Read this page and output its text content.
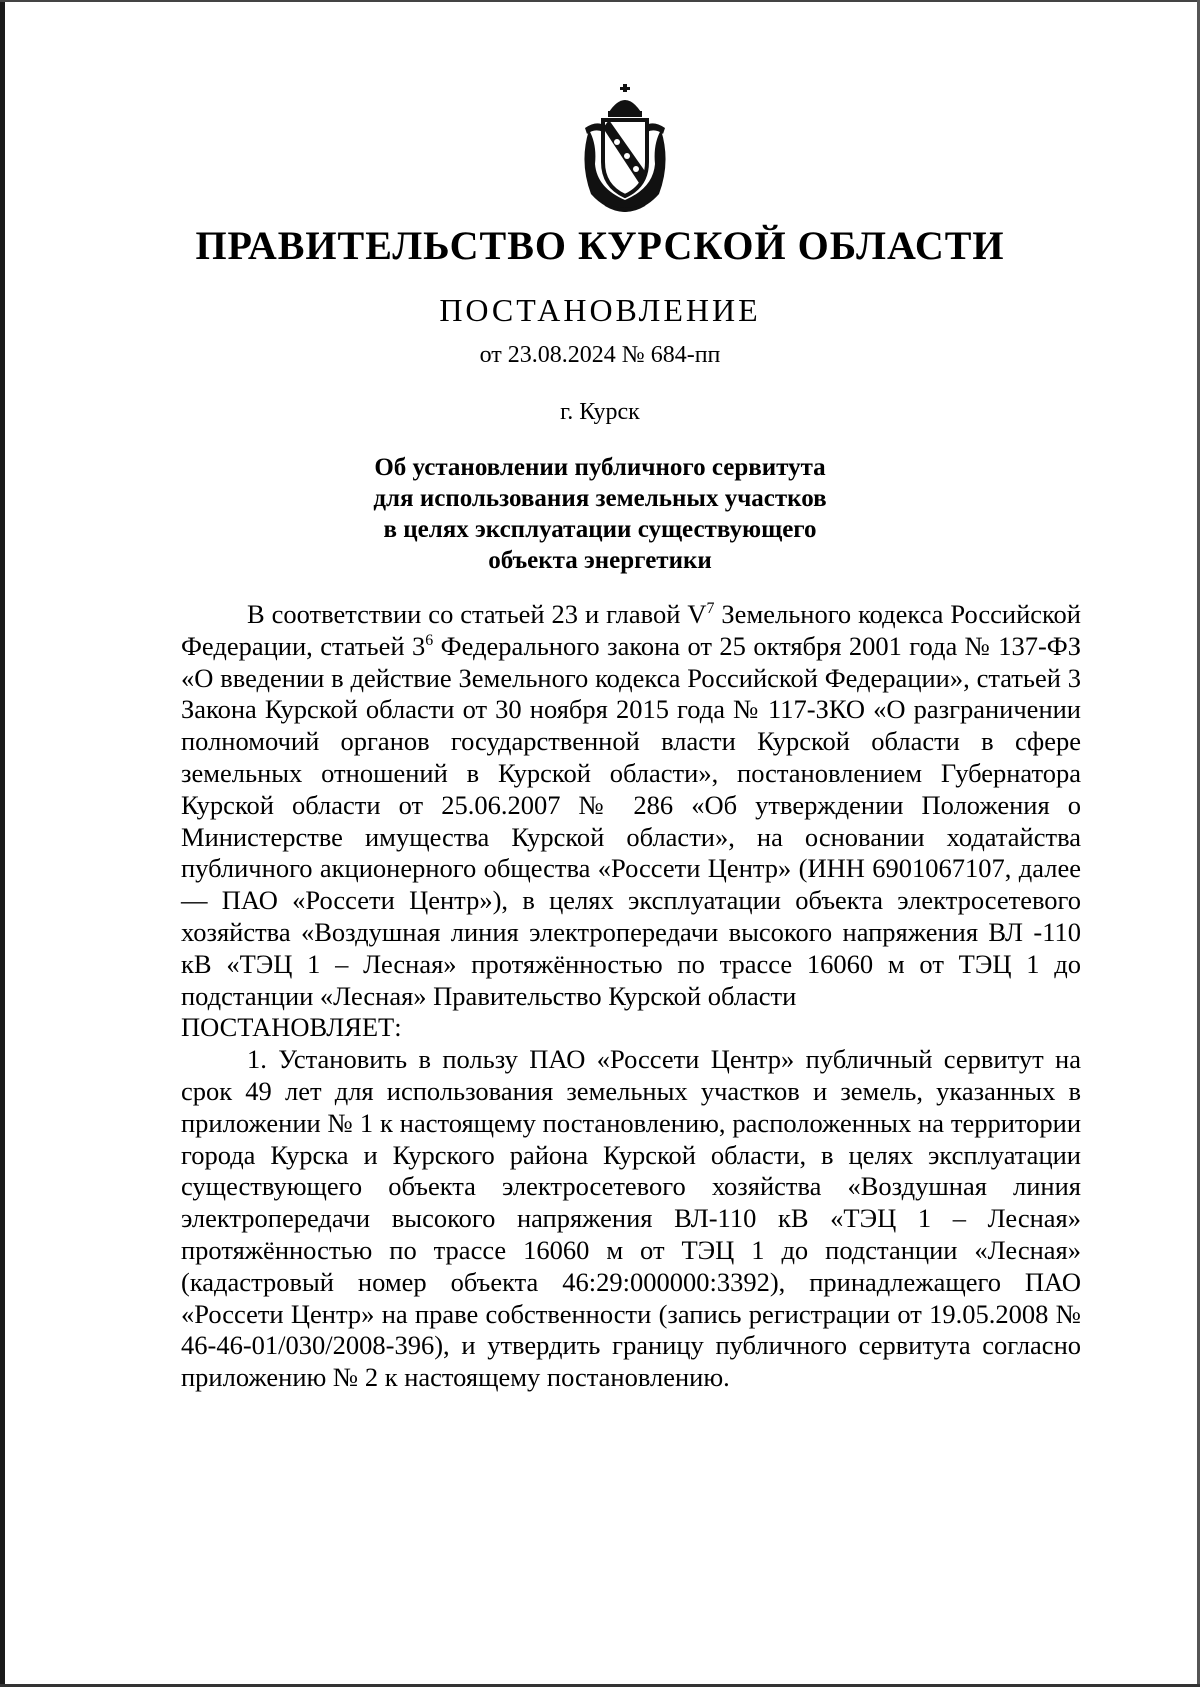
ПРАВИТЕЛЬСТВО КУРСКОЙ ОБЛАСТИ
ПОСТАНОВЛЕНИЕ
от 23.08.2024 № 684-пп
г. Курск
Об установлении публичного сервитута
для использования земельных участков
в целях эксплуатации существующего
объекта энергетики

В соответствии со статьей 23 и главой $V^7$ Земельного кодекса Российской Федерации, статьей $3^6$ Федерального закона от 25 октября 2001 года № 137-ФЗ «О введении в действие Земельного кодекса Российской Федерации», статьей 3 Закона Курской области от 30 ноября 2015 года № 117-ЗКО «О разграничении полномочий органов государственной власти Курской области в сфере земельных отношений в Курской области», постановлением Губернатора Курской области от 25.06.2007 № 286 «Об утверждении Положения о Министерстве имущества Курской области», на основании ходатайства публичного акционерного общества «Россети Центр» (ИНН 6901067107, далее — ПАО «Россети Центр»), в целях эксплуатации объекта электросетевого хозяйства «Воздушная линия электропередачи высокого напряжения ВЛ -110 кВ «ТЭЦ 1 – Лесная» протяжённостью по трассе 16060 м от ТЭЦ 1 до подстанции «Лесная» Правительство Курской области

ПОСТАНОВЛЯЕТ:

1. Установить в пользу ПАО «Россети Центр» публичный сервитут на срок 49 лет для использования земельных участков и земель, указанных в приложении № 1 к настоящему постановлению, расположенных на территории города Курска и Курского района Курской области, в целях эксплуатации существующего объекта электросетевого хозяйства «Воздушная линия электропередачи высокого напряжения ВЛ-110 кВ «ТЭЦ 1 – Лесная» протяжённостью по трассе 16060 м от ТЭЦ 1 до подстанции «Лесная» (кадастровый номер объекта 46:29:000000:3392), принадлежащего ПАО «Россети Центр» на праве собственности (запись регистрации от 19.05.2008 № 46-46-01/030/2008-396), и утвердить границу публичного сервитута согласно приложению № 2 к настоящему постановлению.
